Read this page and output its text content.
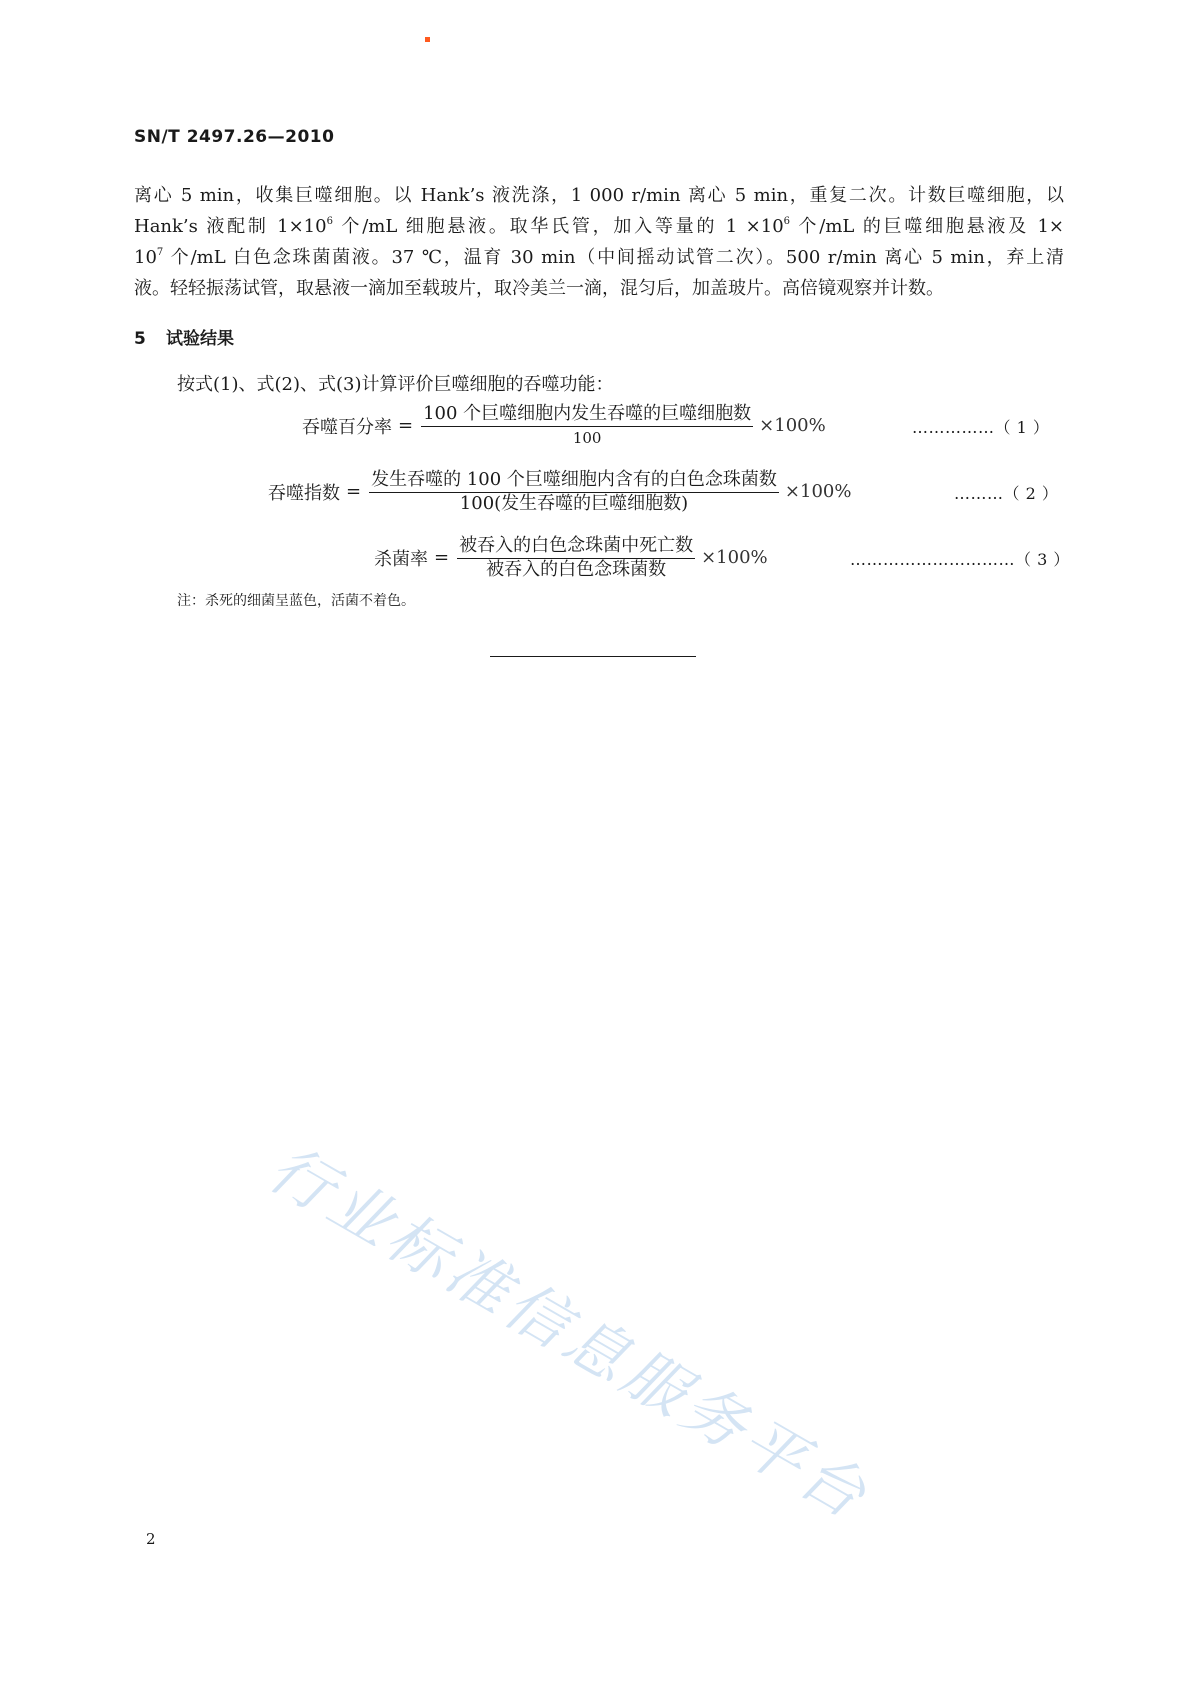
SN/T 2497.26—2010
离心 5 min，收集巨噬细胞。以 Hank’s 液洗涤，1 000 r/min 离心 5 min，重复二次。计数巨噬细胞，以
Hank’s 液配制 $1\times 10^6$ 个/mL 细胞悬液。取华氏管，加入等量的 $1 \times 10^6$ 个/mL 的巨噬细胞悬液及 1×
$10^7$ 个/mL 白色念珠菌菌液。37 ℃，温育 30 min（中间摇动试管二次）。500 r/min 离心 5 min，弃上清
液。轻轻振荡试管，取悬液一滴加至载玻片，取冷美兰一滴，混匀后，加盖玻片。高倍镜观察并计数。
5 试验结果
按式(1)、式(2)、式(3)计算评价巨噬细胞的吞噬功能：
吞噬百分率 = $\frac{\text{100 个巨噬细胞内发生吞噬的巨噬细胞数}}{100} \times 100\%$	……………（ 1 ）
吞噬指数 = $\frac{\text{发生吞噬的 100 个巨噬细胞内含有的白色念珠菌数}}{\text{100(发生吞噬的巨噬细胞数)}} \times 100\%$	………（ 2 ）
杀菌率 = $\frac{\text{被吞入的白色念珠菌中死亡数}}{\text{被吞入的白色念珠菌数}} \times 100\%$	…………………………（ 3 ）
注：杀死的细菌呈蓝色，活菌不着色。
行业标准信息服务平台
2
